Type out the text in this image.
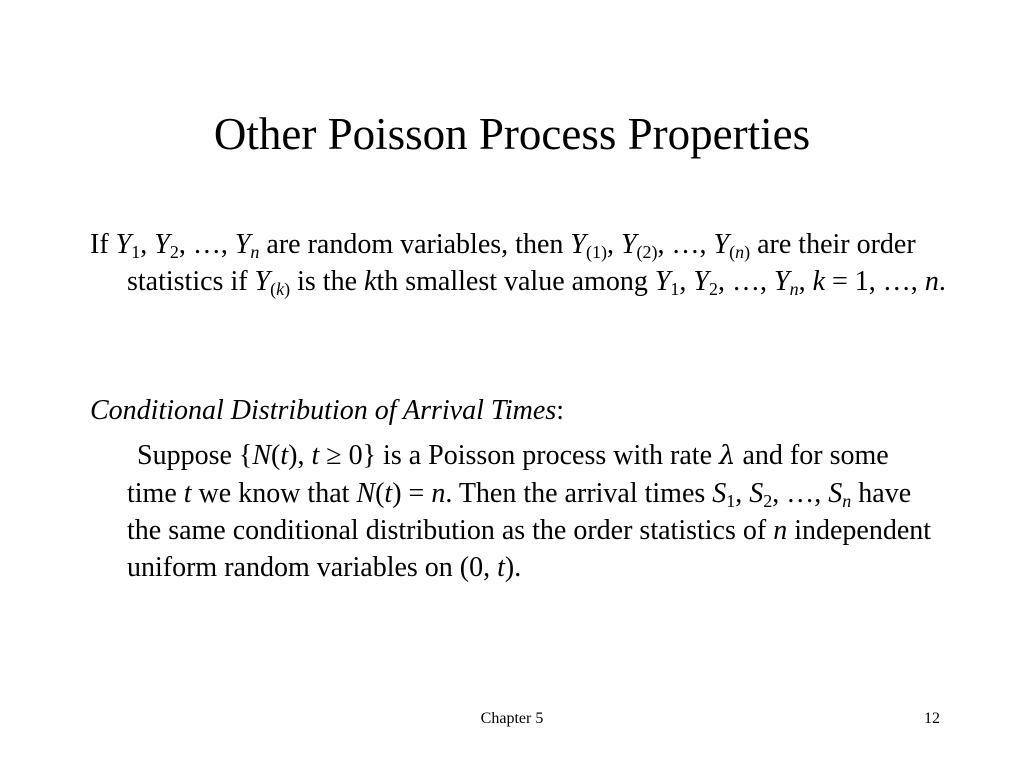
Other Poisson Process Properties
If $Y_1$, $Y_2$, …, $Y_n$ are random variables, then $Y_{(1)}$, $Y_{(2)}$, …, $Y_{(n)}$ are their order statistics if $Y_{(k)}$ is the kth smallest value among $Y_1$, $Y_2$, …, $Y_n$, k = 1, …, n.
Conditional Distribution of Arrival Times:
Suppose {N(t), t ≥ 0} is a Poisson process with rate λ and for some time t we know that N(t) = n. Then the arrival times $S_1$, $S_2$, …, $S_n$ have the same conditional distribution as the order statistics of n independent uniform random variables on (0, t).
Chapter 5	12
